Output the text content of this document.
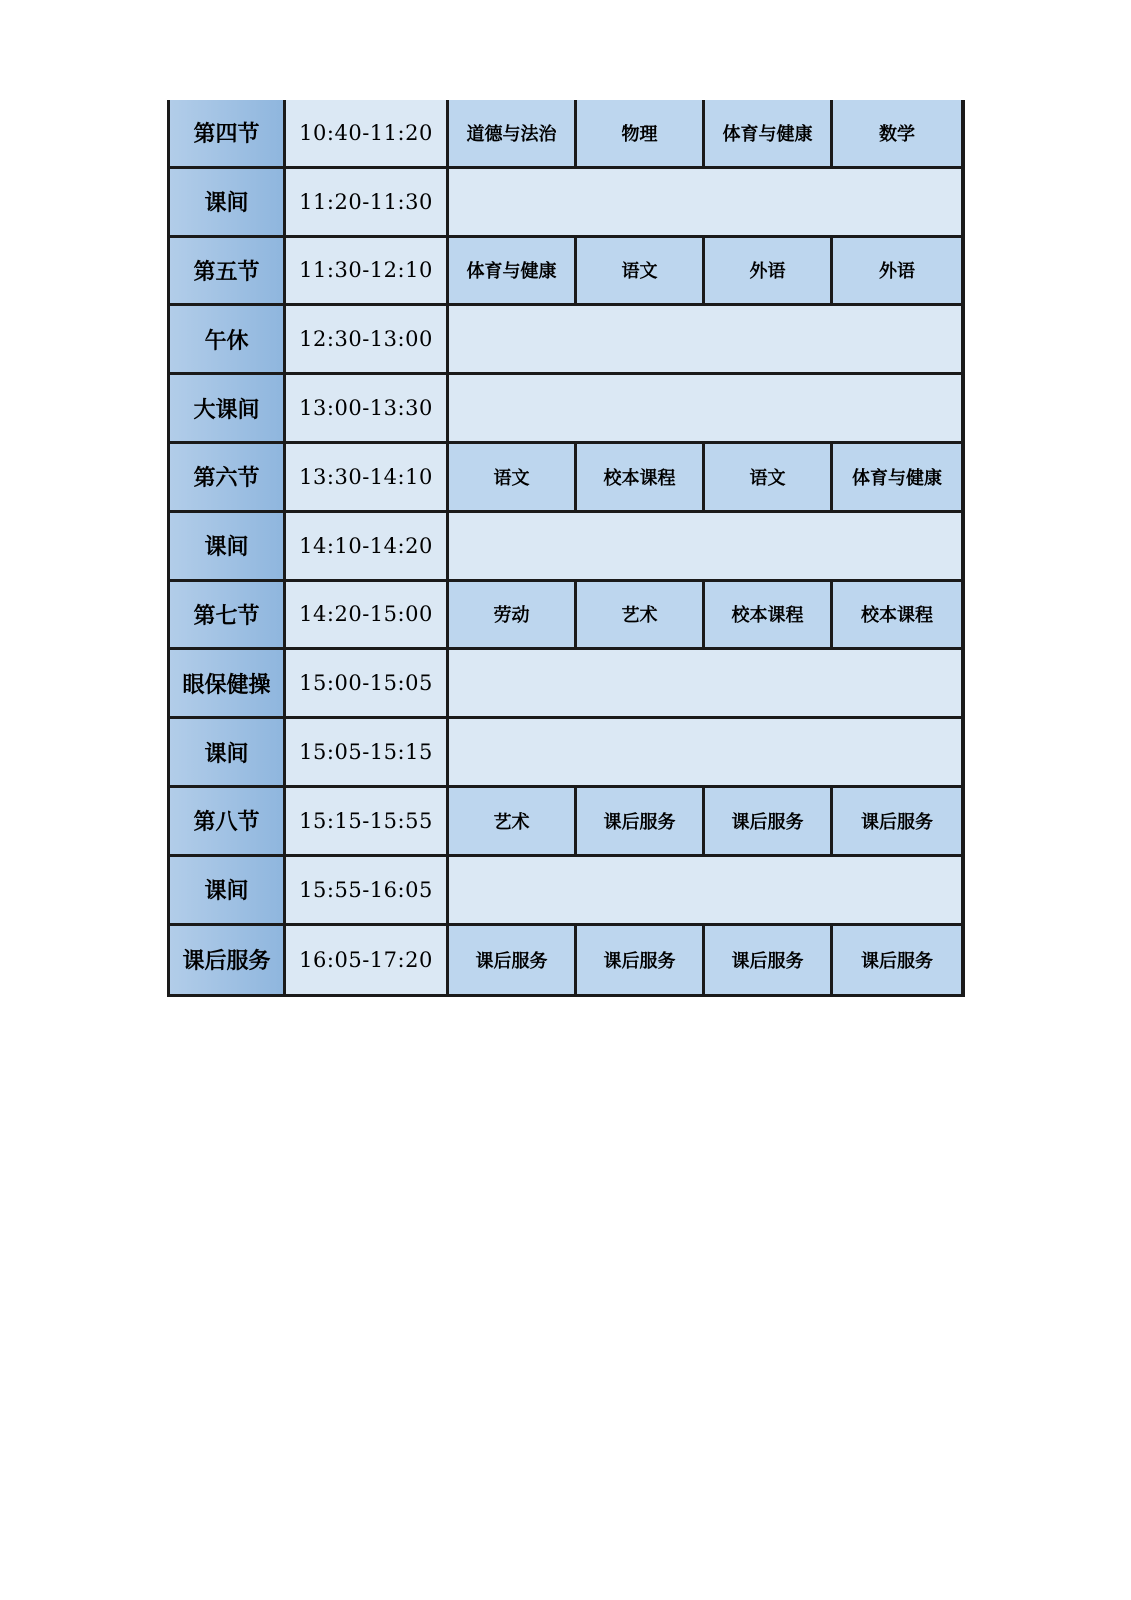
第四节	10:40-11:20	道德与法治	物理	体育与健康	数学
课间	11:20-11:30
第五节	11:30-12:10	体育与健康	语文	外语	外语
午休	12:30-13:00
大课间	13:00-13:30
第六节	13:30-14:10	语文	校本课程	语文	体育与健康
课间	14:10-14:20
第七节	14:20-15:00	劳动	艺术	校本课程	校本课程
眼保健操	15:00-15:05
课间	15:05-15:15
第八节	15:15-15:55	艺术	课后服务	课后服务	课后服务
课间	15:55-16:05
课后服务	16:05-17:20	课后服务	课后服务	课后服务	课后服务
